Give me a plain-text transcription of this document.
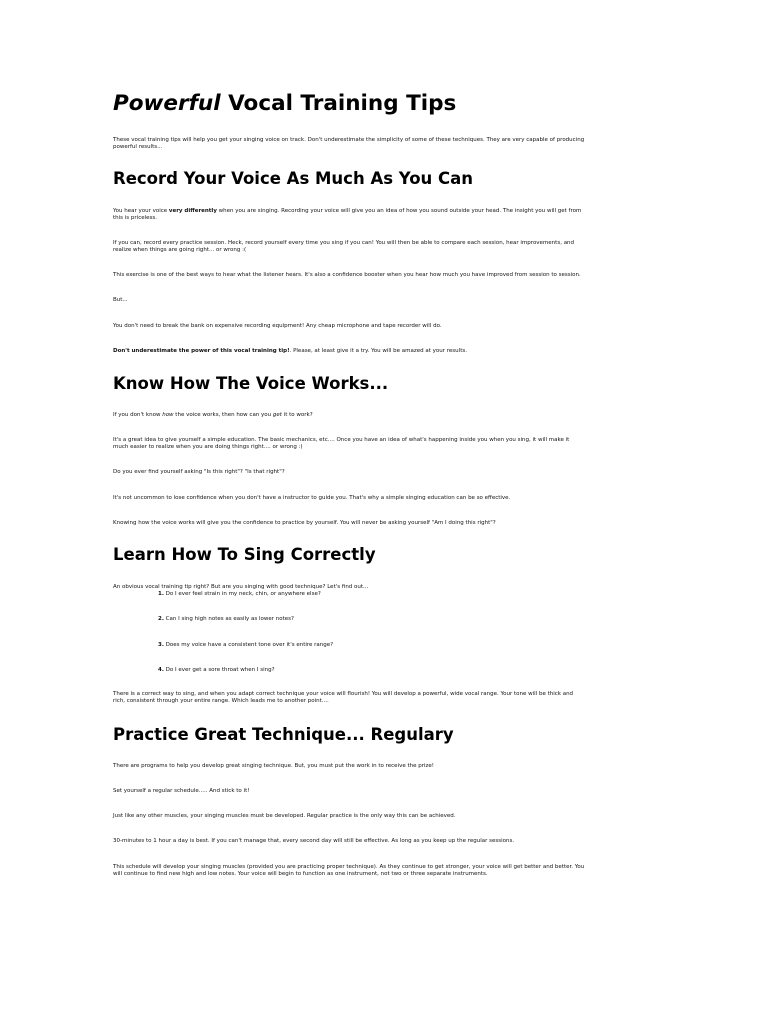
Powerful Vocal Training Tips

These vocal training tips will help you get your singing voice on track. Don't underestimate the simplicity of some of these techniques. They are very capable of producing
powerful results...

Record Your Voice As Much As You Can

You hear your voice very differently when you are singing. Recording your voice will give you an idea of how you sound outside your head. The insight you will get from
this is priceless.

If you can, record every practice session. Heck, record yourself every time you sing if you can! You will then be able to compare each session, hear improvements, and
realize when things are going right... or wrong :(

This exercise is one of the best ways to hear what the listener hears. It's also a confidence booster when you hear how much you have improved from session to session.

But...

You don't need to break the bank on expensive recording equipment! Any cheap microphone and tape recorder will do.

Don't underestimate the power of this vocal training tip!. Please, at least give it a try. You will be amazed at your results.

Know How The Voice Works...

If you don't know how the voice works, then how can you get it to work?

It's a great idea to give yourself a simple education. The basic mechanics, etc.... Once you have an idea of what's happening inside you when you sing, it will make it
much easier to realize when you are doing things right.... or wrong :(

Do you ever find yourself asking "Is this right"? "Is that right"?

It's not uncommon to lose confidence when you don't have a instructor to guide you. That's why a simple singing education can be so effective.

Knowing how the voice works will give you the confidence to practice by yourself. You will never be asking yourself "Am I doing this right"?

Learn How To Sing Correctly

An obvious vocal training tip right? But are you singing with good technique? Let's find out...

1. Do I ever feel strain in my neck, chin, or anywhere else?

2. Can I sing high notes as easily as lower notes?

3. Does my voice have a consistent tone over it's entire range?

4. Do I ever get a sore throat when I sing?

There is a correct way to sing, and when you adapt correct technique your voice will flourish! You will develop a powerful, wide vocal range. Your tone will be thick and
rich, consistent through your entire range. Which leads me to another point....

Practice Great Technique... Regulary

There are programs to help you develop great singing technique. But, you must put the work in to receive the prize!

Set yourself a regular schedule..... And stick to it!

Just like any other muscles, your singing muscles must be developed. Regular practice is the only way this can be achieved.

30-minutes to 1 hour a day is best. If you can't manage that, every second day will still be effective. As long as you keep up the regular sessions.

This schedule will develop your singing muscles (provided you are practicing proper technique). As they continue to get stronger, your voice will get better and better. You
will continue to find new high and low notes. Your voice will begin to function as one instrument, not two or three separate instruments.
